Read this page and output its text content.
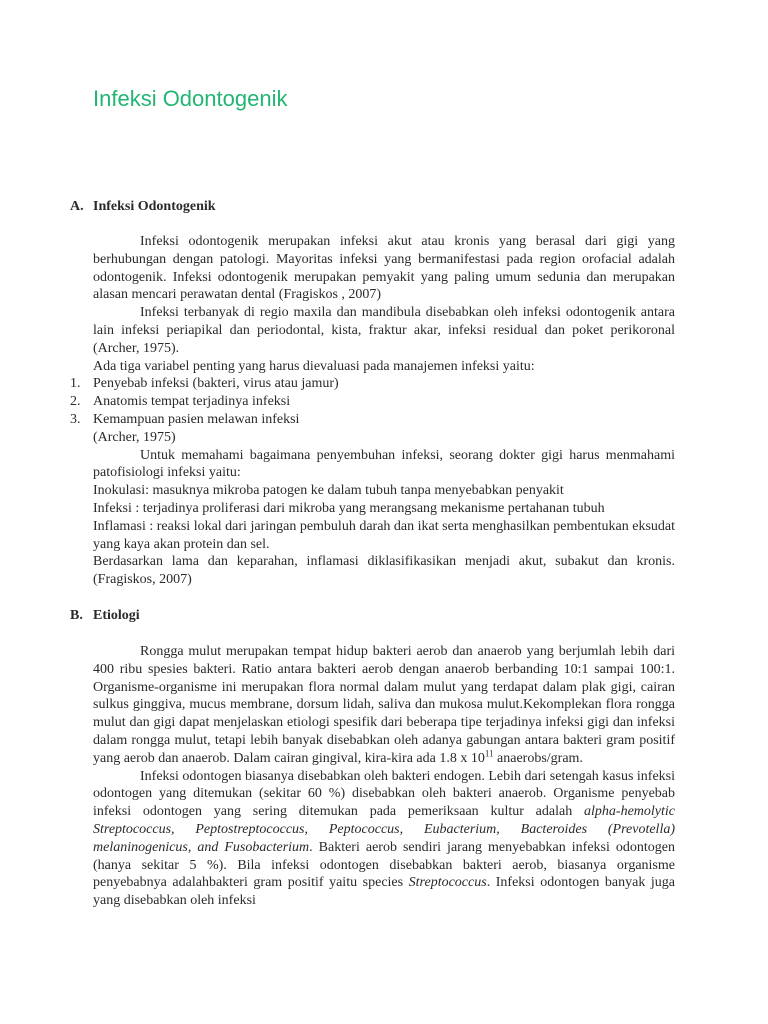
Infeksi Odontogenik
A. Infeksi Odontogenik

Infeksi odontogenik merupakan infeksi akut atau kronis yang berasal dari gigi yang berhubungan dengan patologi. Mayoritas infeksi yang bermanifestasi pada region orofacial adalah odontogenik. Infeksi odontogenik merupakan pemyakit yang paling umum sedunia dan merupakan alasan mencari perawatan dental (Fragiskos , 2007)

Infeksi terbanyak di regio maxila dan mandibula disebabkan oleh infeksi odontogenik antara lain infeksi periapikal dan periodontal, kista, fraktur akar, infeksi residual dan poket perikoronal (Archer, 1975).

Ada tiga variabel penting yang harus dievaluasi pada manajemen infeksi yaitu:

1. Penyebab infeksi (bakteri, virus atau jamur)
2. Anatomis tempat terjadinya infeksi
3. Kemampuan pasien melawan infeksi

(Archer, 1975)

Untuk memahami bagaimana penyembuhan infeksi, seorang dokter gigi harus menmahami patofisiologi infeksi yaitu:

Inokulasi: masuknya mikroba patogen ke dalam tubuh tanpa menyebabkan penyakit

Infeksi : terjadinya proliferasi dari mikroba yang merangsang mekanisme pertahanan tubuh

Inflamasi : reaksi lokal dari jaringan pembuluh darah dan ikat serta menghasilkan pembentukan eksudat yang kaya akan protein dan sel.

Berdasarkan lama dan keparahan, inflamasi diklasifikasikan menjadi akut, subakut dan kronis. (Fragiskos, 2007)

B. Etiologi

Rongga mulut merupakan tempat hidup bakteri aerob dan anaerob yang berjumlah lebih dari 400 ribu spesies bakteri. Ratio antara bakteri aerob dengan anaerob berbanding 10:1 sampai 100:1. Organisme-organisme ini merupakan flora normal dalam mulut yang terdapat dalam plak gigi, cairan sulkus ginggiva, mucus membrane, dorsum lidah, saliva dan mukosa mulut.Kekomplekan flora rongga mulut dan gigi dapat menjelaskan etiologi spesifik dari beberapa tipe terjadinya infeksi gigi dan infeksi dalam rongga mulut, tetapi lebih banyak disebabkan oleh adanya gabungan antara bakteri gram positif yang aerob dan anaerob. Dalam cairan gingival, kira-kira ada 1.8 x $10^{11}$ anaerobs/gram.

Infeksi odontogen biasanya disebabkan oleh bakteri endogen. Lebih dari setengah kasus infeksi odontogen yang ditemukan (sekitar 60 %) disebabkan oleh bakteri anaerob. Organisme penyebab infeksi odontogen yang sering ditemukan pada pemeriksaan kultur adalah alpha-hemolytic Streptococcus, Peptostreptococcus, Peptococcus, Eubacterium, Bacteroides (Prevotella) melaninogenicus, and Fusobacterium. Bakteri aerob sendiri jarang menyebabkan infeksi odontogen (hanya sekitar 5 %). Bila infeksi odontogen disebabkan bakteri aerob, biasanya organisme penyebabnya adalahbakteri gram positif yaitu species Streptococcus. Infeksi odontogen banyak juga yang disebabkan oleh infeksi
